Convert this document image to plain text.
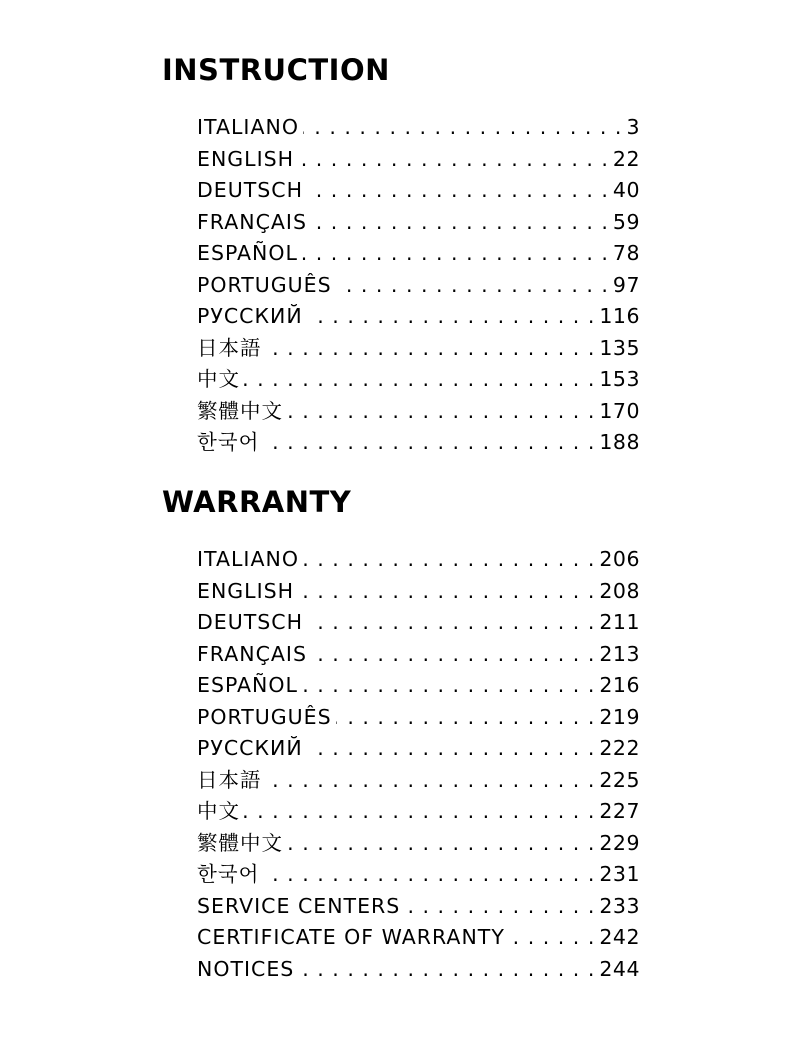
INSTRUCTION
ITALIANO . . .	3
ENGLISH . . .	22
DEUTSCH . . .	40
FRANÇAIS . . .	59
ESPAÑOL . . .	78
PORTUGUÊS . . .	97
РУССКИЙ . . .	116
日本語 . . .	135
中文 . . .	153
繁體中文 . . .	170
한국어 . . .	188
WARRANTY
ITALIANO . . .	206
ENGLISH . . .	208
DEUTSCH . . .	211
FRANÇAIS . . .	213
ESPAÑOL . . .	216
PORTUGUÊS . . .	219
РУССКИЙ . . .	222
日本語 . . .	225
中文 . . .	227
繁體中文 . . .	229
한국어 . . .	231
SERVICE CENTERS . . .	233
CERTIFICATE OF WARRANTY . . .	242
NOTICES . . .	244
